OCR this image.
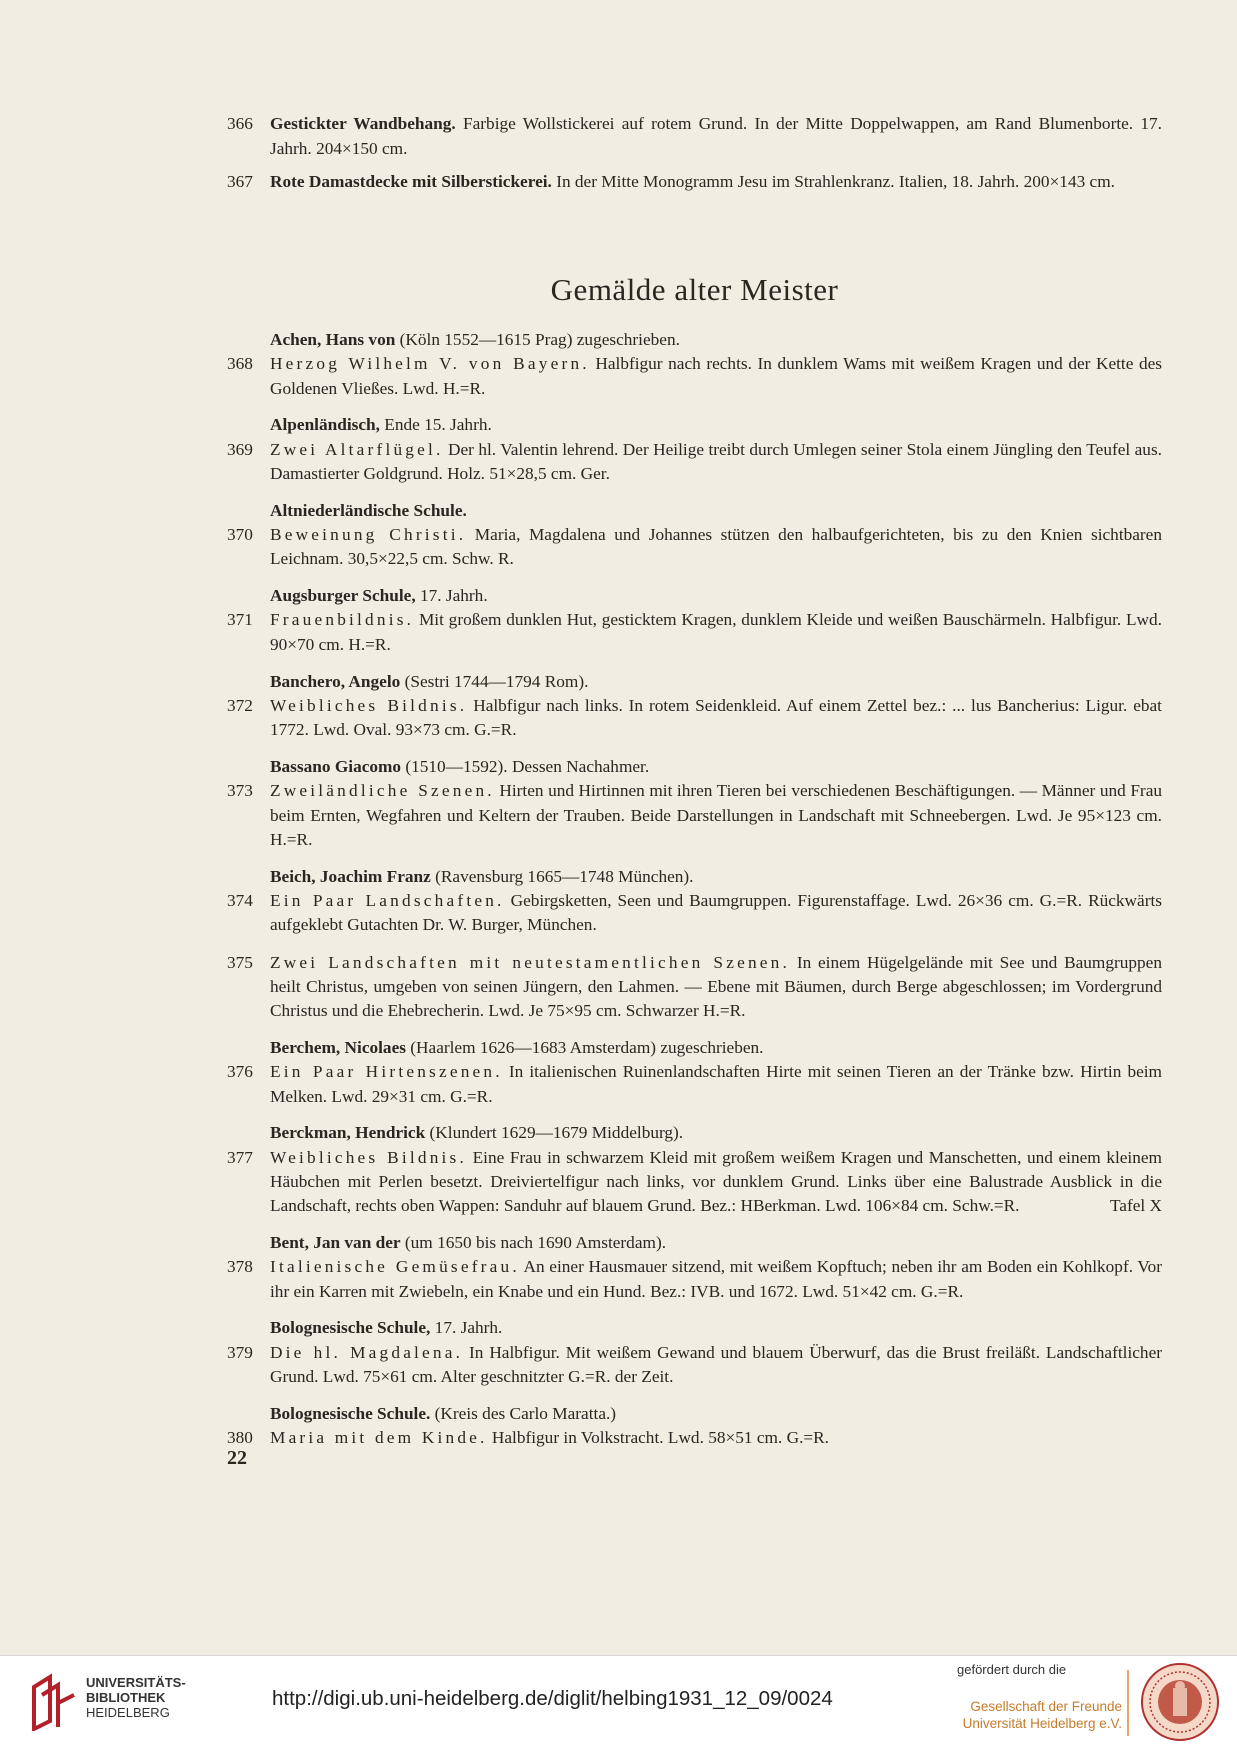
366 Gestickter Wandbehang. Farbige Wollstickerei auf rotem Grund. In der Mitte Doppelwappen, am Rand Blumenborte. 17. Jahrh. 204×150 cm.
367 Rote Damastdecke mit Silberstickerei. In der Mitte Monogramm Jesu im Strahlenkranz. Italien, 18. Jahrh. 200×143 cm.
Gemälde alter Meister
Achen, Hans von (Köln 1552—1615 Prag) zugeschrieben.
368 Herzog Wilhelm V. von Bayern. Halbfigur nach rechts. In dunklem Wams mit weißem Kragen und der Kette des Goldenen Vließes. Lwd. H.=R.
Alpenländisch, Ende 15. Jahrh.
369 Zwei Altarflügel. Der hl. Valentin lehrend. Der Heilige treibt durch Umlegen seiner Stola einem Jüngling den Teufel aus. Damastierter Goldgrund. Holz. 51×28,5 cm. Ger.
Altniederländische Schule.
370 Beweinung Christi. Maria, Magdalena und Johannes stützen den halbaufgerichteten, bis zu den Knien sichtbaren Leichnam. 30,5×22,5 cm. Schw. R.
Augsburger Schule, 17. Jahrh.
371 Frauenbildnis. Mit großem dunklen Hut, gesticktem Kragen, dunklem Kleide und weißen Bauschärmeln. Halbfigur. Lwd. 90×70 cm. H.=R.
Banchero, Angelo (Sestri 1744—1794 Rom).
372 Weibliches Bildnis. Halbfigur nach links. In rotem Seidenkleid. Auf einem Zettel bez.: ... lus Bancherius: Ligur. ebat 1772. Lwd. Oval. 93×73 cm. G.=R.
Bassano Giacomo (1510—1592). Dessen Nachahmer.
373 Zweiländliche Szenen. Hirten und Hirtinnen mit ihren Tieren bei verschiedenen Beschäftigungen. — Männer und Frau beim Ernten, Wegfahren und Keltern der Trauben. Beide Darstellungen in Landschaft mit Schneebergen. Lwd. Je 95×123 cm. H.=R.
Beich, Joachim Franz (Ravensburg 1665—1748 München).
374 Ein Paar Landschaften. Gebirgsketten, Seen und Baumgruppen. Figurenstaffage. Lwd. 26×36 cm. G.=R. Rückwärts aufgeklebt Gutachten Dr. W. Burger, München.
375 Zwei Landschaften mit neutestamentlichen Szenen. In einem Hügelgelände mit See und Baumgruppen heilt Christus, umgeben von seinen Jüngern, den Lahmen. — Ebene mit Bäumen, durch Berge abgeschlossen; im Vordergrund Christus und die Ehebrecherin. Lwd. Je 75×95 cm. Schwarzer H.=R.
Berchem, Nicolaes (Haarlem 1626—1683 Amsterdam) zugeschrieben.
376 Ein Paar Hirtenszenen. In italienischen Ruinenlandschaften Hirte mit seinen Tieren an der Tränke bzw. Hirtin beim Melken. Lwd. 29×31 cm. G.=R.
Berckman, Hendrick (Klundert 1629—1679 Middelburg).
377 Weibliches Bildnis. Eine Frau in schwarzem Kleid mit großem weißem Kragen und Manschetten, und einem kleinem Häubchen mit Perlen besetzt. Dreiviertelfigur nach links, vor dunklem Grund. Links über eine Balustrade Ausblick in die Landschaft, rechts oben Wappen: Sanduhr auf blauem Grund. Bez.: HBerkman. Lwd. 106×84 cm. Schw.=R.	Tafel X
Bent, Jan van der (um 1650 bis nach 1690 Amsterdam).
378 Italienische Gemüsefrau. An einer Hausmauer sitzend, mit weißem Kopftuch; neben ihr am Boden ein Kohlkopf. Vor ihr ein Karren mit Zwiebeln, ein Knabe und ein Hund. Bez.: IVB. und 1672. Lwd. 51×42 cm. G.=R.
Bolognesische Schule, 17. Jahrh.
379 Die hl. Magdalena. In Halbfigur. Mit weißem Gewand und blauem Überwurf, das die Brust freiläßt. Landschaftlicher Grund. Lwd. 75×61 cm. Alter geschnitzter G.=R. der Zeit.
Bolognesische Schule. (Kreis des Carlo Maratta.)
380 Maria mit dem Kinde. Halbfigur in Volkstracht. Lwd. 58×51 cm. G.=R.
22
UNIVERSITÄTS-
BIBLIOTHEK
HEIDELBERG
http://digi.ub.uni-heidelberg.de/diglit/helbing1931_12_09/0024
gefördert durch die
Gesellschaft der Freunde
Universität Heidelberg e.V.
